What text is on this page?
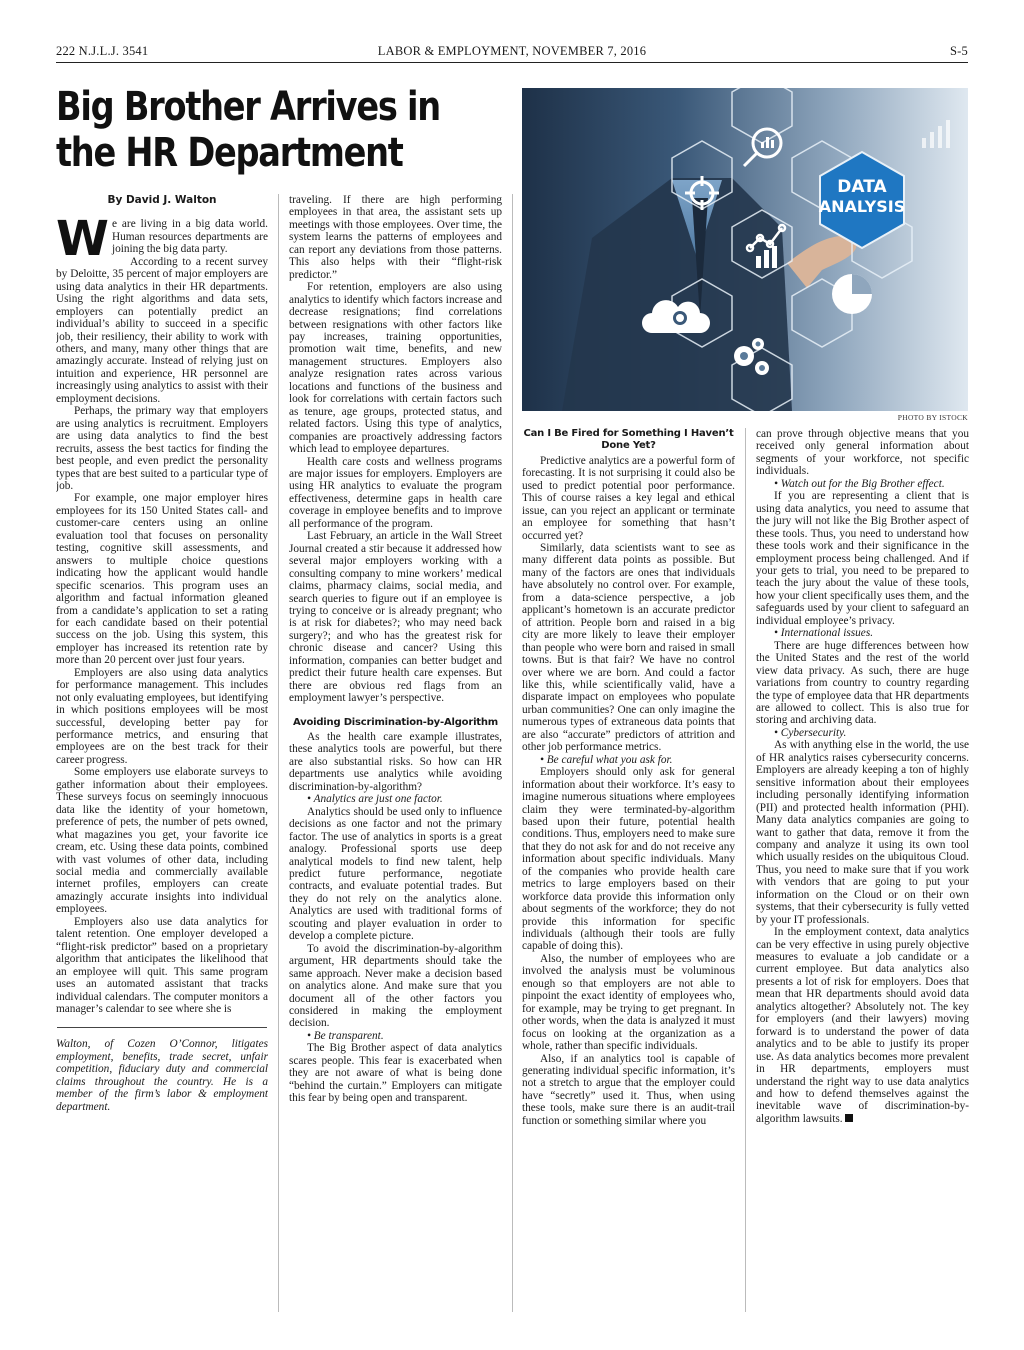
222 N.J.L.J. 3541	LABOR & EMPLOYMENT, NOVEMBER 7, 2016	S-5
Big Brother Arrives in the HR Department
By David J. Walton

We are living in a big data world. Human resources departments are joining the big data party.

According to a recent survey by Deloitte, 35 percent of major employers are using data analytics in their HR departments. Using the right algorithms and data sets, employers can potentially predict an individual’s ability to succeed in a specific job, their resiliency, their ability to work with others, and many, many other things that are amazingly accurate. Instead of relying just on intuition and experience, HR personnel are increasingly using analytics to assist with their employment decisions.

Perhaps, the primary way that employers are using analytics is recruitment. Employers are using data analytics to find the best recruits, assess the best tactics for finding the best people, and even predict the personality types that are best suited to a particular type of job.

For example, one major employer hires employees for its 150 United States call- and customer-care centers using an online evaluation tool that focuses on personality testing, cognitive skill assessments, and answers to multiple choice questions indicating how the applicant would handle specific scenarios. This program uses an algorithm and factual information gleaned from a candidate’s application to set a rating for each candidate based on their potential success on the job. Using this system, this employer has increased its retention rate by more than 20 percent over just four years.

Employers are also using data analytics for performance management. This includes not only evaluating employees, but identifying in which positions employees will be most successful, developing better pay for performance metrics, and ensuring that employees are on the best track for their career progress.

Some employers use elaborate surveys to gather information about their employees. These surveys focus on seemingly innocuous data like the identity of your hometown, preference of pets, the number of pets owned, what magazines you get, your favorite ice cream, etc. Using these data points, combined with vast volumes of other data, including social media and commercially available internet profiles, employers can create amazingly accurate insights into individual employees.

Employers also use data analytics for talent retention. One employer developed a “flight-risk predictor” based on a proprietary algorithm that anticipates the likelihood that an employee will quit. This same program uses an automated assistant that tracks individual calendars. The computer monitors a manager’s calendar to see where she is

Walton, of Cozen O’Connor, litigates employment, benefits, trade secret, unfair competition, fiduciary duty and commercial claims throughout the country. He is a member of the firm’s labor & employment department.

traveling. If there are high performing employees in that area, the assistant sets up meetings with those employees. Over time, the system learns the patterns of employees and can report any deviations from those patterns. This also helps with their “flight-risk predictor.”

For retention, employers are also using analytics to identify which factors increase and decrease resignations; find correlations between resignations with other factors like pay increases, training opportunities, promotion wait time, benefits, and new management structures. Employers also analyze resignation rates across various locations and functions of the business and look for correlations with certain factors such as tenure, age groups, protected status, and related factors. Using this type of analytics, companies are proactively addressing factors which lead to employee departures.

Health care costs and wellness programs are major issues for employers. Employers are using HR analytics to evaluate the program effectiveness, determine gaps in health care coverage in employee benefits and to improve all performance of the program.

Last February, an article in the Wall Street Journal created a stir because it addressed how several major employers working with a consulting company to mine workers’ medical claims, pharmacy claims, social media, and search queries to figure out if an employee is trying to conceive or is already pregnant; who is at risk for diabetes?; who may need back surgery?; and who has the greatest risk for chronic disease and cancer? Using this information, companies can better budget and predict their future health care expenses. But there are obvious red flags from an employment lawyer’s perspective.

Avoiding Discrimination-by-Algorithm

As the health care example illustrates, these analytics tools are powerful, but there are also substantial risks. So how can HR departments use analytics while avoiding discrimination-by-algorithm?

• Analytics are just one factor.

Analytics should be used only to influence decisions as one factor and not the primary factor. The use of analytics in sports is a great analogy. Professional sports use deep analytical models to find new talent, help predict future performance, negotiate contracts, and evaluate potential trades. But they do not rely on the analytics alone. Analytics are used with traditional forms of scouting and player evaluation in order to develop a complete picture.

To avoid the discrimination-by-algorithm argument, HR departments should take the same approach. Never make a decision based on analytics alone. And make sure that you document all of the other factors you considered in making the employment decision.

• Be transparent.

The Big Brother aspect of data analytics scares people. This fear is exacerbated when they are not aware of what is being done “behind the curtain.” Employers can mitigate this fear by being open and transparent.

DATA
ANALYSIS
PHOTO BY ISTOCK
Can I Be Fired for Something I Haven’t Done Yet?

Predictive analytics are a powerful form of forecasting. It is not surprising it could also be used to predict potential poor performance. This of course raises a key legal and ethical issue, can you reject an applicant or terminate an employee for something that hasn’t occurred yet?

Similarly, data scientists want to see as many different data points as possible. But many of the factors are ones that individuals have absolutely no control over. For example, from a data-science perspective, a job applicant’s hometown is an accurate predictor of attrition. People born and raised in a big city are more likely to leave their employer than people who were born and raised in small towns. But is that fair? We have no control over where we are born. And could a factor like this, while scientifically valid, have a disparate impact on employees who populate urban communities? One can only imagine the numerous types of extraneous data points that are also “accurate” predictors of attrition and other job performance metrics.

• Be careful what you ask for.

Employers should only ask for general information about their workforce. It’s easy to imagine numerous situations where employees claim they were terminated-by-algorithm based upon their future, potential health conditions. Thus, employers need to make sure that they do not ask for and do not receive any information about specific individuals. Many of the companies who provide health care metrics to large employers based on their workforce data provide this information only about segments of the workforce; they do not provide this information for specific individuals (although their tools are fully capable of doing this).

Also, the number of employees who are involved the analysis must be voluminous enough so that employers are not able to pinpoint the exact identity of employees who, for example, may be trying to get pregnant. In other words, when the data is analyzed it must focus on looking at the organization as a whole, rather than specific individuals.

Also, if an analytics tool is capable of generating individual specific information, it’s not a stretch to argue that the employer could have “secretly” used it. Thus, when using these tools, make sure there is an audit-trail function or something similar where you

can prove through objective means that you received only general information about segments of your workforce, not specific individuals.

• Watch out for the Big Brother effect.

If you are representing a client that is using data analytics, you need to assume that the jury will not like the Big Brother aspect of these tools. Thus, you need to understand how these tools work and their significance in the employment process being challenged. And if your gets to trial, you need to be prepared to teach the jury about the value of these tools, how your client specifically uses them, and the safeguards used by your client to safeguard an individual employee’s privacy.

• International issues.

There are huge differences between how the United States and the rest of the world view data privacy. As such, there are huge variations from country to country regarding the type of employee data that HR departments are allowed to collect. This is also true for storing and archiving data.

• Cybersecurity.

As with anything else in the world, the use of HR analytics raises cybersecurity concerns. Employers are already keeping a ton of highly sensitive information about their employees including personally identifying information (PII) and protected health information (PHI). Many data analytics companies are going to want to gather that data, remove it from the company and analyze it using its own tool which usually resides on the ubiquitous Cloud. Thus, you need to make sure that if you work with vendors that are going to put your information on the Cloud or on their own systems, that their cybersecurity is fully vetted by your IT professionals.

In the employment context, data analytics can be very effective in using purely objective measures to evaluate a job candidate or a current employee. But data analytics also presents a lot of risk for employers. Does that mean that HR departments should avoid data analytics altogether? Absolutely not. The key for employers (and their lawyers) moving forward is to understand the power of data analytics and to be able to justify its proper use. As data analytics becomes more prevalent in HR departments, employers must understand the right way to use data analytics and how to defend themselves against the inevitable wave of discrimination-by-algorithm lawsuits.
